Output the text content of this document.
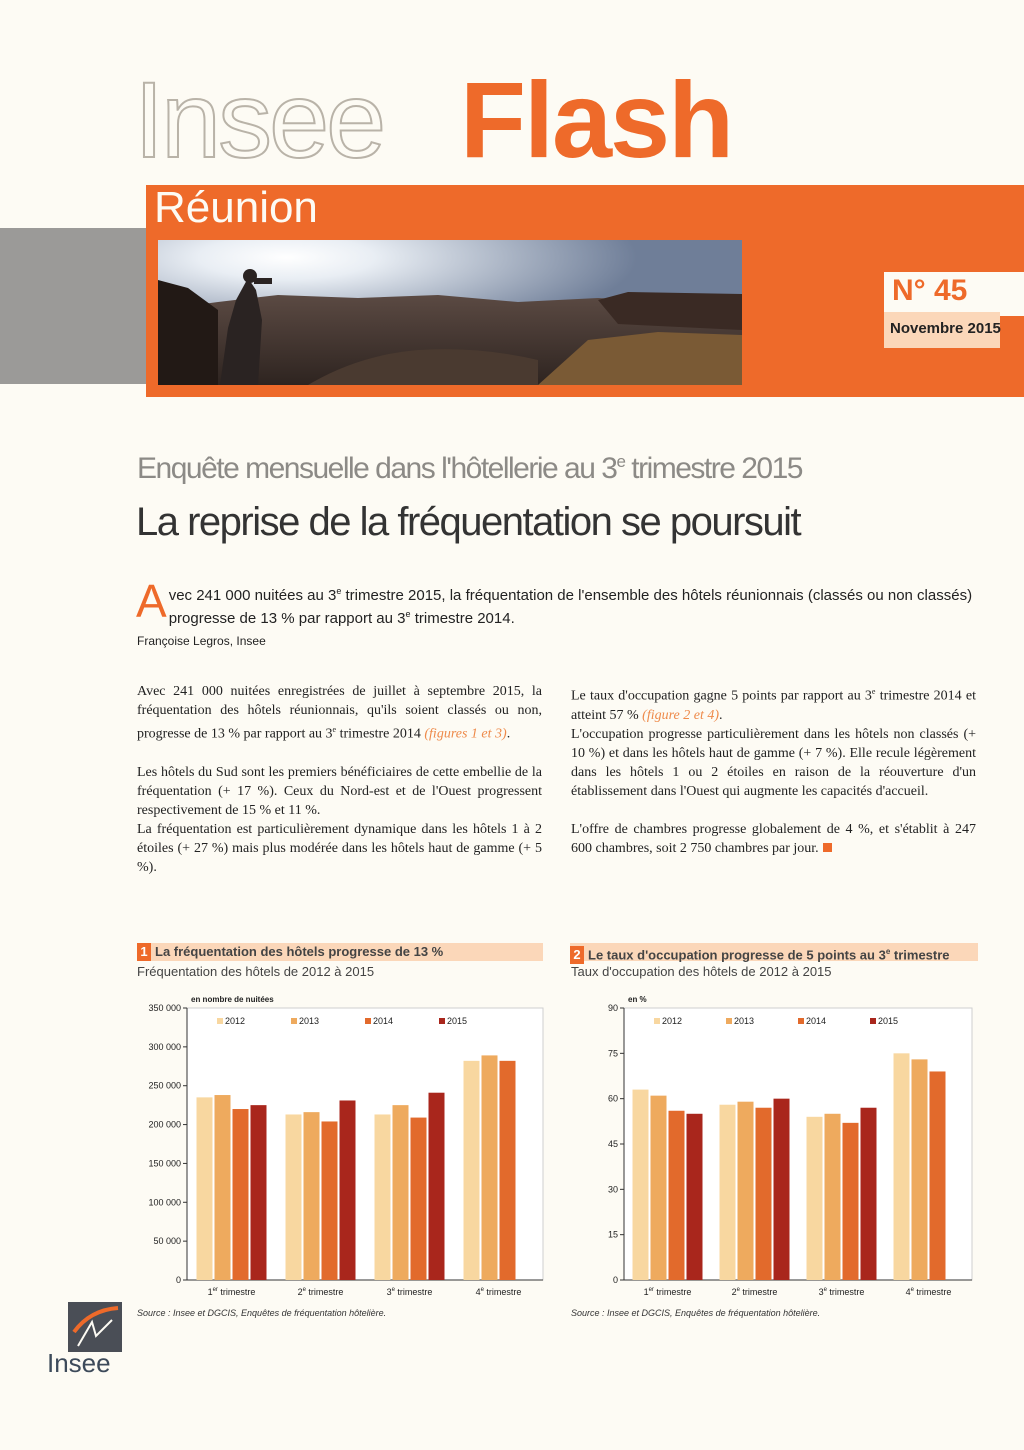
Insee Flash
Réunion
N° 45
Novembre 2015
Enquête mensuelle dans l'hôtellerie au 3e trimestre 2015
La reprise de la fréquentation se poursuit
Avec 241 000 nuitées au 3e trimestre 2015, la fréquentation de l'ensemble des hôtels réunionnais (classés ou non classés) progresse de 13 % par rapport au 3e trimestre 2014.
Françoise Legros, Insee

Avec 241 000 nuitées enregistrées de juillet à septembre 2015, la fréquentation des hôtels réunionnais, qu'ils soient classés ou non, progresse de 13 % par rapport au 3e trimestre 2014 (figures 1 et 3).

Les hôtels du Sud sont les premiers bénéficiaires de cette embellie de la fréquentation (+ 17 %). Ceux du Nord-est et de l'Ouest progressent respectivement de 15 % et 11 %.

La fréquentation est particulièrement dynamique dans les hôtels 1 à 2 étoiles (+ 27 %) mais plus modérée dans les hôtels haut de gamme (+ 5 %).

Le taux d'occupation gagne 5 points par rapport au 3e trimestre 2014 et atteint 57 % (figure 2 et 4).

L'occupation progresse particulièrement dans les hôtels non classés (+ 10 %) et dans les hôtels haut de gamme (+ 7 %). Elle recule légèrement dans les hôtels 1 ou 2 étoiles en raison de la réouverture d'un établissement dans l'Ouest qui augmente les capacités d'accueil.

L'offre de chambres progresse globalement de 4 %, et s'établit à 247 600 chambres, soit 2 750 chambres par jour.

1 La fréquentation des hôtels progresse de 13 %
Fréquentation des hôtels de 2012 à 2015
0
50 000
100 000
150 000
200 000
250 000
300 000
350 000
en nombre de nuitées
2012	2013	2014	2015
1er trimestre	2e trimestre	3e trimestre	4e trimestre
Source : Insee et DGCIS, Enquêtes de fréquentation hôtelière.
2 Le taux d'occupation progresse de 5 points au 3e trimestre
Taux d'occupation des hôtels de 2012 à 2015
0
15
30
45
60
75
90
en %
2012	2013	2014	2015
1er trimestre	2e trimestre	3e trimestre	4e trimestre
Source : Insee et DGCIS, Enquêtes de fréquentation hôtelière.
Insee
